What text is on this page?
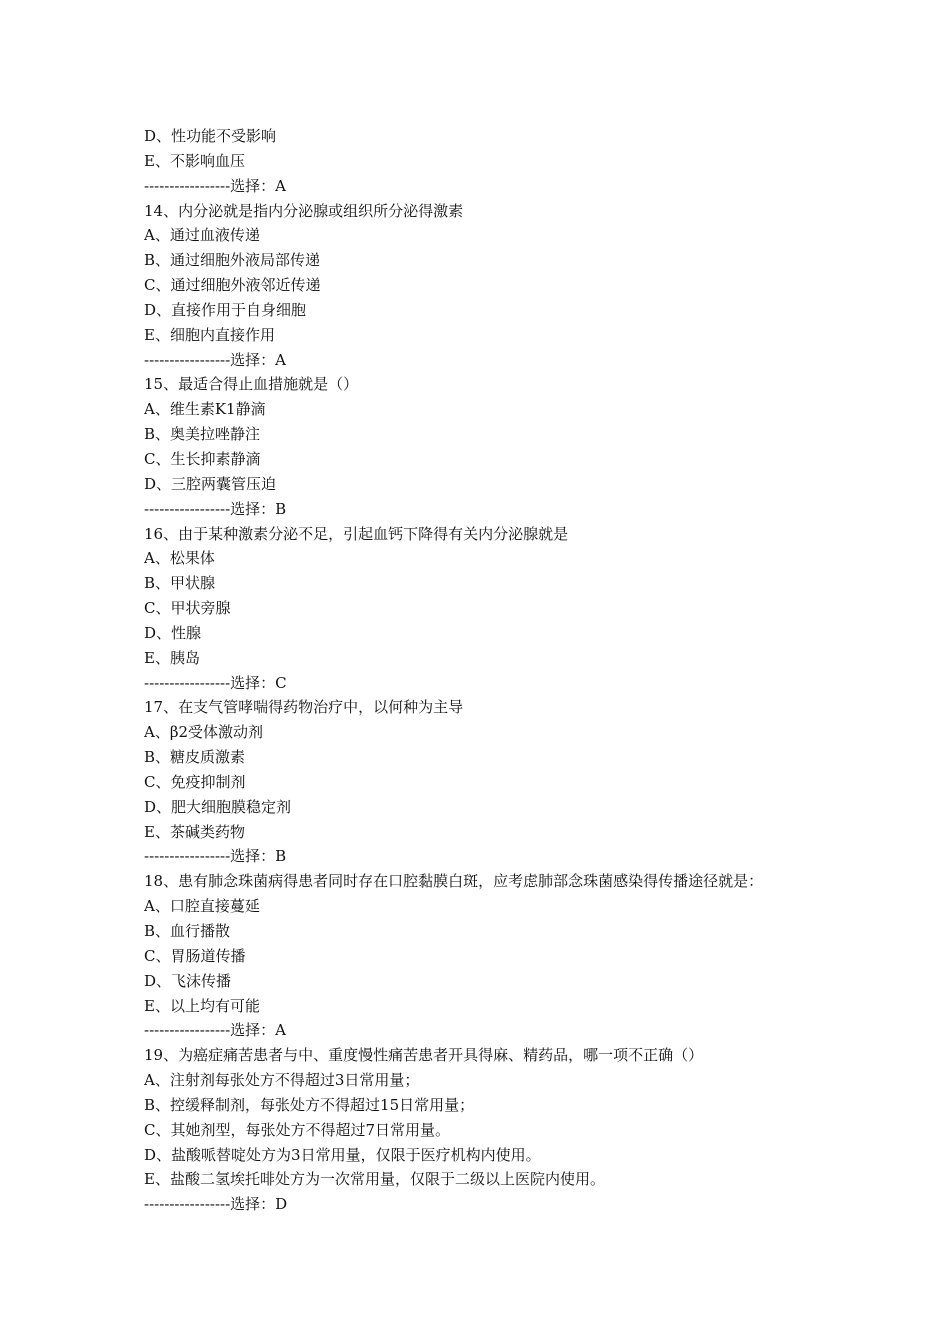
D、性功能不受影响
E、不影响血压
-----------------选择：A
14、内分泌就是指内分泌腺或组织所分泌得激素
A、通过血液传递
B、通过细胞外液局部传递
C、通过细胞外液邻近传递
D、直接作用于自身细胞
E、细胞内直接作用
-----------------选择：A
15、最适合得止血措施就是（）
A、维生素K1静滴
B、奥美拉唑静注
C、生长抑素静滴
D、三腔两囊管压迫
-----------------选择：B
16、由于某种激素分泌不足，引起血钙下降得有关内分泌腺就是
A、松果体
B、甲状腺
C、甲状旁腺
D、性腺
E、胰岛
-----------------选择：C
17、在支气管哮喘得药物治疗中，以何种为主导
A、β2受体激动剂
B、糖皮质激素
C、免疫抑制剂
D、肥大细胞膜稳定剂
E、茶碱类药物
-----------------选择：B
18、患有肺念珠菌病得患者同时存在口腔黏膜白斑，应考虑肺部念珠菌感染得传播途径就是：
A、口腔直接蔓延
B、血行播散
C、胃肠道传播
D、飞沫传播
E、以上均有可能
-----------------选择：A
19、为癌症痛苦患者与中、重度慢性痛苦患者开具得麻、精药品，哪一项不正确（）
A、注射剂每张处方不得超过3日常用量；
B、控缓释制剂，每张处方不得超过15日常用量；
C、其她剂型，每张处方不得超过7日常用量。
D、盐酸哌替啶处方为3日常用量，仅限于医疗机构内使用。
E、盐酸二氢埃托啡处方为一次常用量，仅限于二级以上医院内使用。
-----------------选择：D
